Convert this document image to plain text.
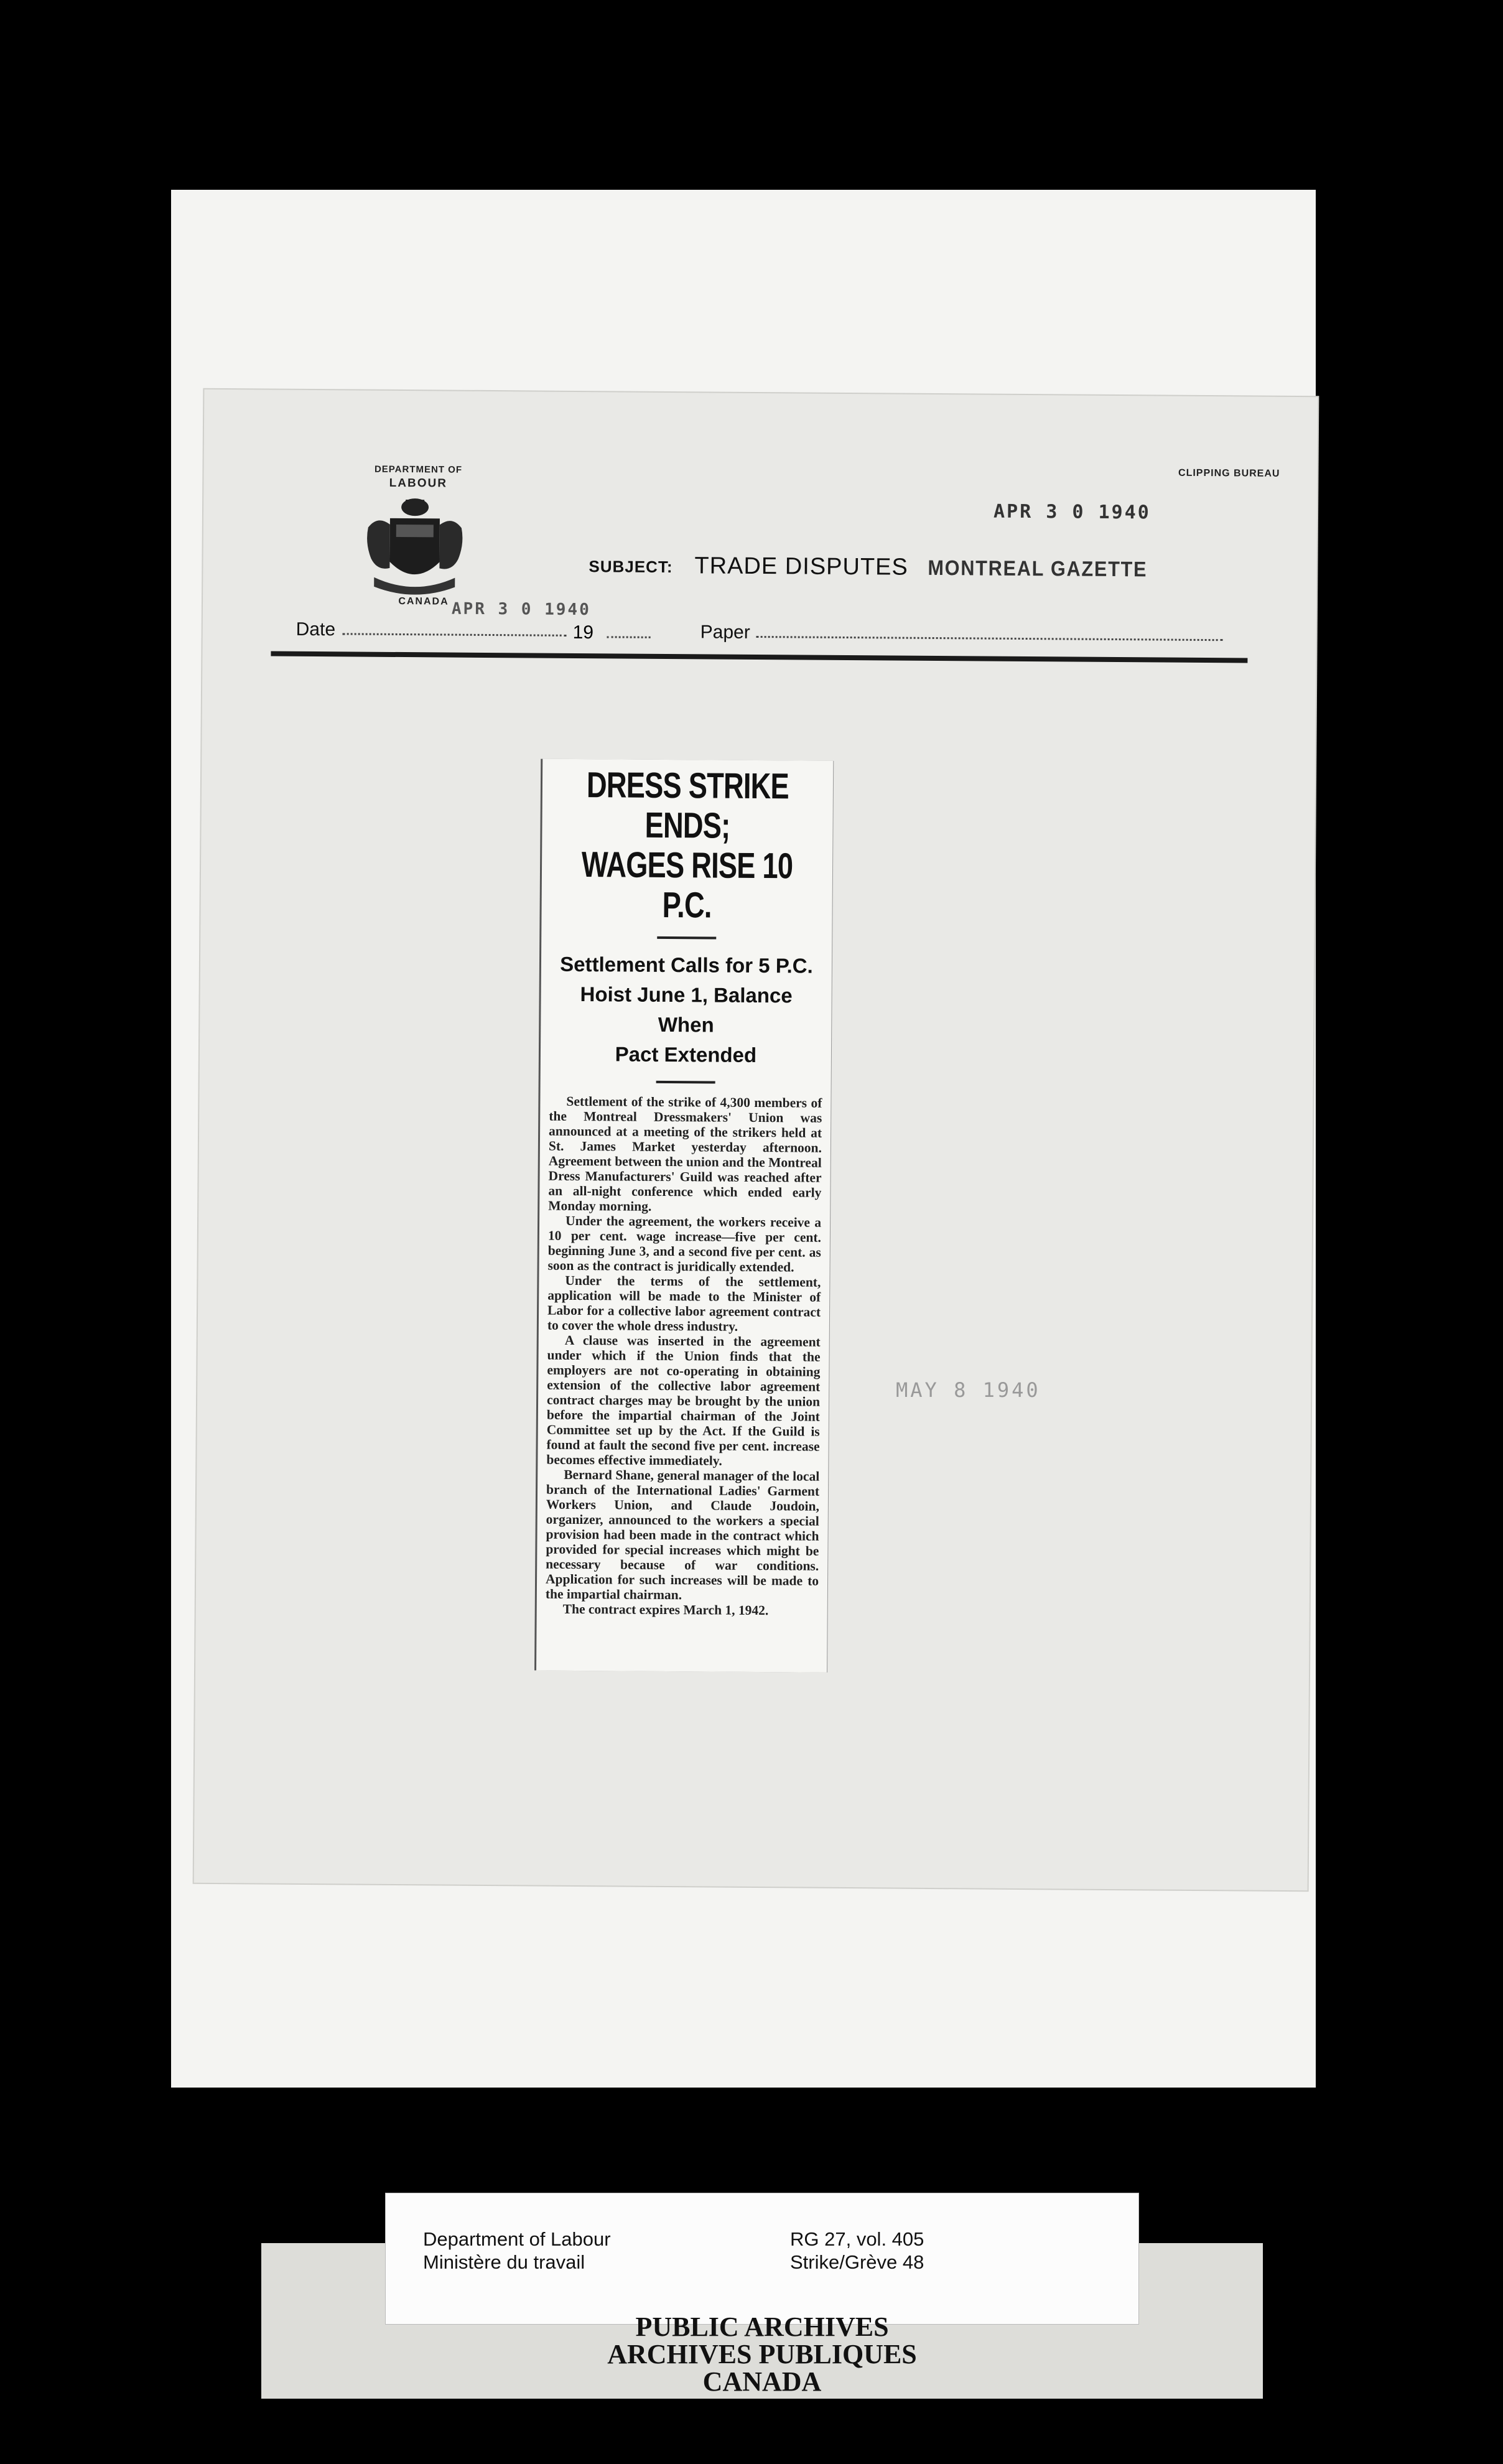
DEPARTMENT OF
LABOUR
CANADA
CLIPPING BUREAU
APR 3 0 1940
SUBJECT: TRADE DISPUTES MONTREAL GAZETTE
APR 3 0 1940
Date	19	Paper
DRESS STRIKE ENDS;
WAGES RISE 10 P.C.
Settlement Calls for 5 P.C.
Hoist June 1, Balance When
Pact Extended

Settlement of the strike of 4,300 members of the Montreal Dressmakers' Union was announced at a meeting of the strikers held at St. James Market yesterday afternoon. Agreement between the union and the Montreal Dress Manufacturers' Guild was reached after an all-night conference which ended early Monday morning.

Under the agreement, the workers receive a 10 per cent. wage increase—five per cent. beginning June 3, and a second five per cent. as soon as the contract is juridically extended.

Under the terms of the settlement, application will be made to the Minister of Labor for a collective labor agreement contract to cover the whole dress industry.

A clause was inserted in the agreement under which if the Union finds that the employers are not co-operating in obtaining extension of the collective labor agreement contract charges may be brought by the union before the impartial chairman of the Joint Committee set up by the Act. If the Guild is found at fault the second five per cent. increase becomes effective immediately.

Bernard Shane, general manager of the local branch of the International Ladies' Garment Workers Union, and Claude Joudoin, organizer, announced to the workers a special provision had been made in the contract which provided for special increases which might be necessary because of war conditions. Application for such increases will be made to the impartial chairman.

The contract expires March 1, 1942.

MAY 8 1940
Department of Labour
Ministère du travail
RG 27, vol. 405
Strike/Grève 48
PUBLIC ARCHIVES
ARCHIVES PUBLIQUES
CANADA
